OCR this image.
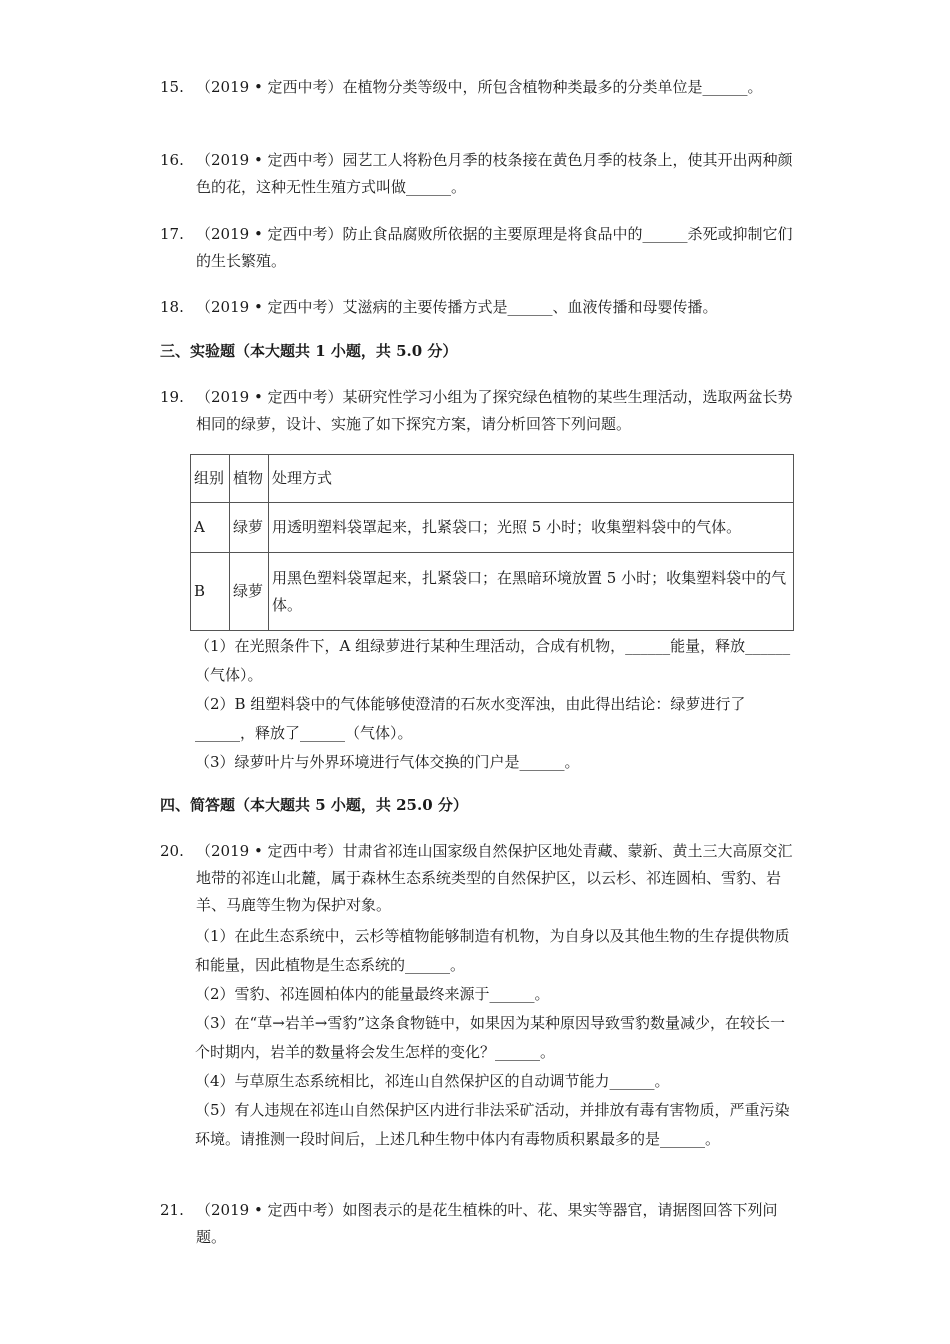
15. （2019 • 定西中考）在植物分类等级中，所包含植物种类最多的分类单位是______。
16. （2019 • 定西中考）园艺工人将粉色月季的枝条接在黄色月季的枝条上，使其开出两种颜色的花，这种无性生殖方式叫做______。
17. （2019 • 定西中考）防止食品腐败所依据的主要原理是将食品中的______杀死或抑制它们的生长繁殖。
18. （2019 • 定西中考）艾滋病的主要传播方式是______、血液传播和母婴传播。
三、实验题（本大题共 1 小题，共 5.0 分）
19. （2019 • 定西中考）某研究性学习小组为了探究绿色植物的某些生理活动，选取两盆长势相同的绿萝，设计、实施了如下探究方案，请分析回答下列问题。
组别	植物	处理方式
A	绿萝	用透明塑料袋罩起来，扎紧袋口；光照 5 小时；收集塑料袋中的气体。
B	绿萝	用黑色塑料袋罩起来，扎紧袋口；在黑暗环境放置 5 小时；收集塑料袋中的气体。
（1）在光照条件下，A 组绿萝进行某种生理活动，合成有机物，______能量，释放______（气体）。
（2）B 组塑料袋中的气体能够使澄清的石灰水变浑浊，由此得出结论：绿萝进行了______，释放了______（气体）。
（3）绿萝叶片与外界环境进行气体交换的门户是______。
四、简答题（本大题共 5 小题，共 25.0 分）
20. （2019 • 定西中考）甘肃省祁连山国家级自然保护区地处青藏、蒙新、黄土三大高原交汇地带的祁连山北麓，属于森林生态系统类型的自然保护区，以云杉、祁连圆柏、雪豹、岩羊、马鹿等生物为保护对象。
（1）在此生态系统中，云杉等植物能够制造有机物，为自身以及其他生物的生存提供物质和能量，因此植物是生态系统的______。
（2）雪豹、祁连圆柏体内的能量最终来源于______。
（3）在“草→岩羊→雪豹”这条食物链中，如果因为某种原因导致雪豹数量减少，在较长一个时期内，岩羊的数量将会发生怎样的变化？______。
（4）与草原生态系统相比，祁连山自然保护区的自动调节能力______。
（5）有人违规在祁连山自然保护区内进行非法采矿活动，并排放有毒有害物质，严重污染环境。请推测一段时间后，上述几种生物中体内有毒物质积累最多的是______。
21. （2019 • 定西中考）如图表示的是花生植株的叶、花、果实等器官，请据图回答下列问题。
